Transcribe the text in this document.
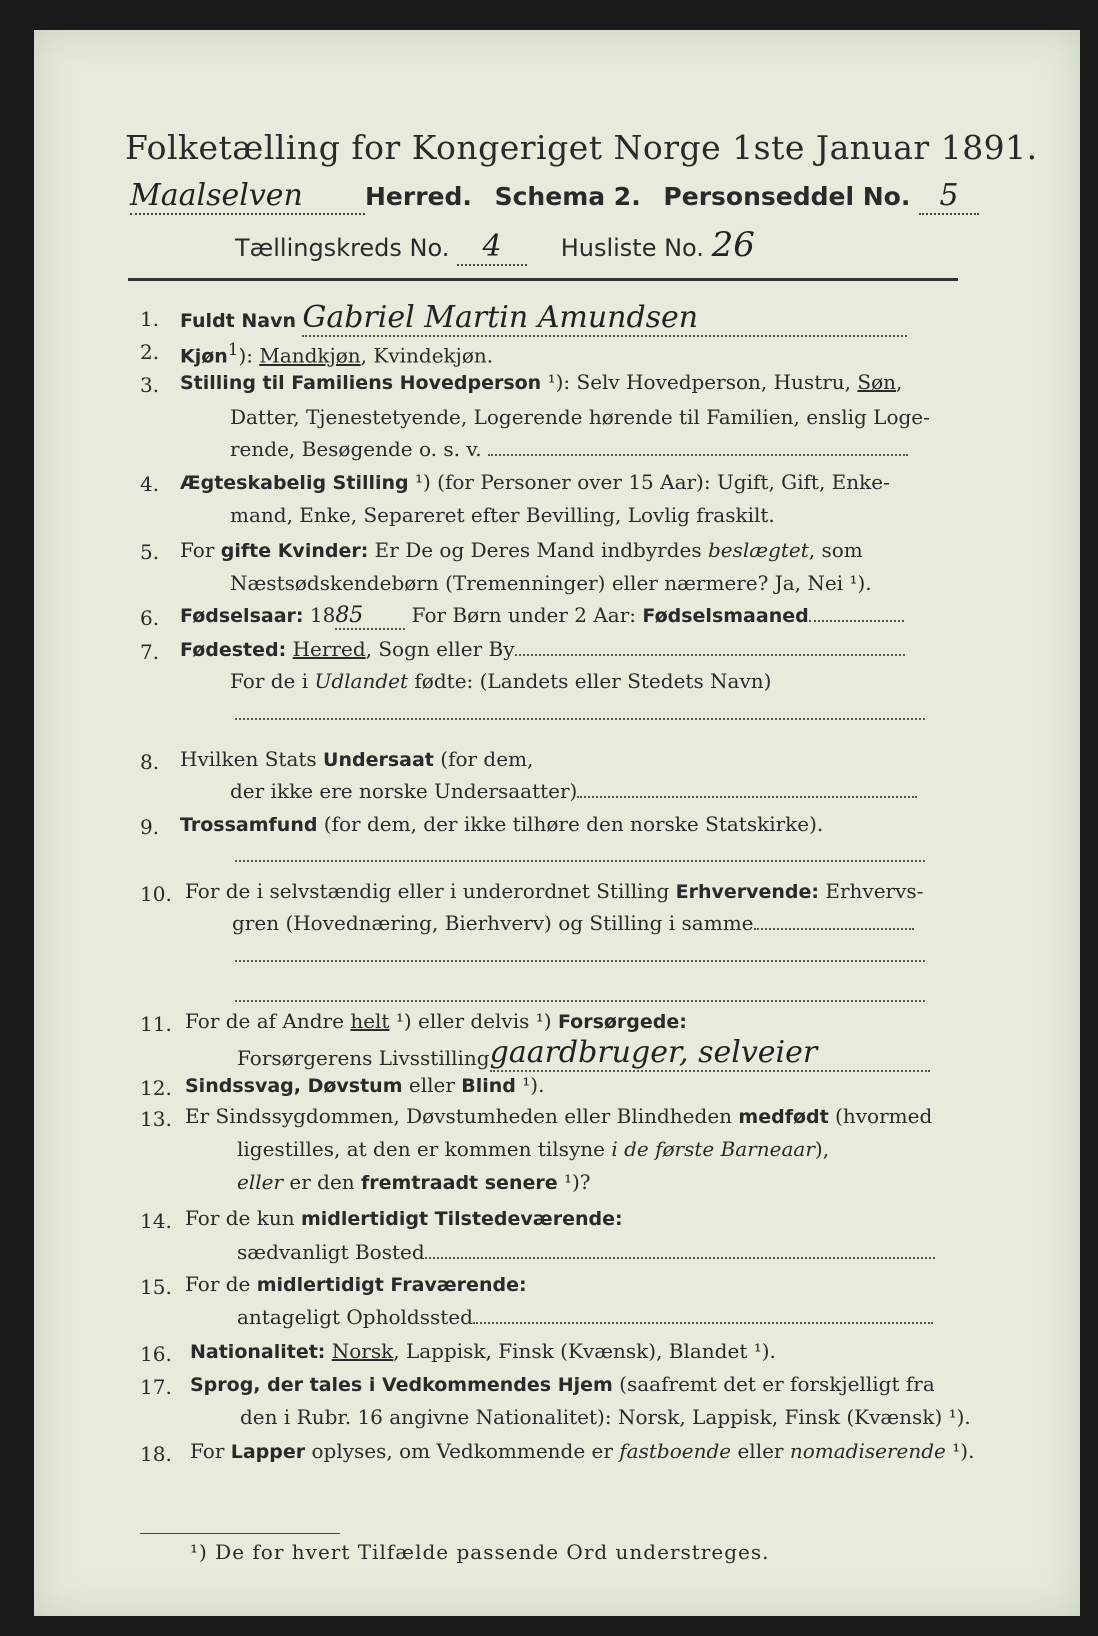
Folketælling for Kongeriget Norge 1ste Januar 1891.
Maalselven Herred. Schema 2. Personseddel No. 5
Tællingskreds No. 4 Husliste No. 26
1.	Fuldt Navn Gabriel Martin Amundsen
2.	Kjøn$^1$): Mandkjøn, Kvindekjøn.
3.	Stilling til Familiens Hovedperson ¹): Selv Hovedperson, Hustru, Søn,
Datter, Tjenestetyende, Logerende hørende til Familien, enslig Loge-
rende, Besøgende o. s. v.
4.	Ægteskabelig Stilling ¹) (for Personer over 15 Aar): Ugift, Gift, Enke-
mand, Enke, Separeret efter Bevilling, Lovlig fraskilt.
5.	For gifte Kvinder: Er De og Deres Mand indbyrdes beslægtet, som
Næstsødskendebørn (Tremenninger) eller nærmere? Ja, Nei ¹).
6.	Fødselsaar: 1885 For Børn under 2 Aar: Fødselsmaaned
7.	Fødested: Herred, Sogn eller By
For de i Udlandet fødte: (Landets eller Stedets Navn)
8.	Hvilken Stats Undersaat (for dem,
der ikke ere norske Undersaatter)
9.	Trossamfund (for dem, der ikke tilhøre den norske Statskirke).
10. For de i selvstændig eller i underordnet Stilling Erhvervende: Erhvervs-
gren (Hovednæring, Bierhverv) og Stilling i samme
11. For de af Andre helt ¹) eller delvis ¹) Forsørgede:
Forsørgerens Livsstillinggaardbruger, selveier
12. Sindssvag, Døvstum eller Blind ¹).
13. Er Sindssygdommen, Døvstumheden eller Blindheden medfødt (hvormed
ligestilles, at den er kommen tilsyne i de første Barneaar),
eller er den fremtraadt senere ¹)?
14. For de kun midlertidigt Tilstedeværende:
sædvanligt Bosted
15. For de midlertidigt Fraværende:
antageligt Opholdssted
16. Nationalitet: Norsk, Lappisk, Finsk (Kvænsk), Blandet ¹).
17. Sprog, der tales i Vedkommendes Hjem (saafremt det er forskjelligt fra
den i Rubr. 16 angivne Nationalitet): Norsk, Lappisk, Finsk (Kvænsk) ¹).
18. For Lapper oplyses, om Vedkommende er fastboende eller nomadiserende ¹).
¹) De for hvert Tilfælde passende Ord understreges.
